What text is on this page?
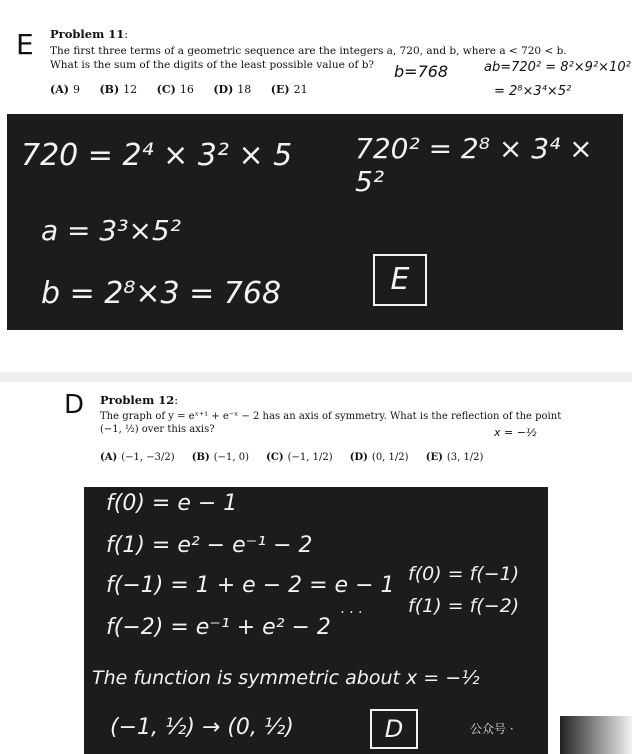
E Problem 11:
The first three terms of a geometric sequence are the integers a, 720, and b, where a < 720 < b.
What is the sum of the digits of the least possible value of b?
(A) 9 (B) 12 (C) 16 (D) 18 (E) 21
b=768	ab=720² = 8²×9²×10²
= 2⁸×3⁴×5²
720 = 2⁴ × 3² × 5 720² = 2⁸ × 3⁴ × 5²
a = 3³×5²
b = 2⁸×3 = 768	E
D Problem 12:
The graph of y = eˣ⁺¹ + e⁻ˣ − 2 has an axis of symmetry. What is the reflection of the point
(−1, ½) over this axis?	x = −½
(A) (−1, −3/2) (B) (−1, 0) (C) (−1, 1/2) (D) (0, 1/2) (E) (3, 1/2)
f(0) = e − 1
f(1) = e² − e⁻¹ − 2
f(−1) = 1 + e − 2 = e − 1
f(−2) = e⁻¹ + e² − 2
f(0) = f(−1)
f(1) = f(−2)
· · ·
The function is symmetric about x = −½
(−1, ½) → (0, ½)	D	公众号 ·
